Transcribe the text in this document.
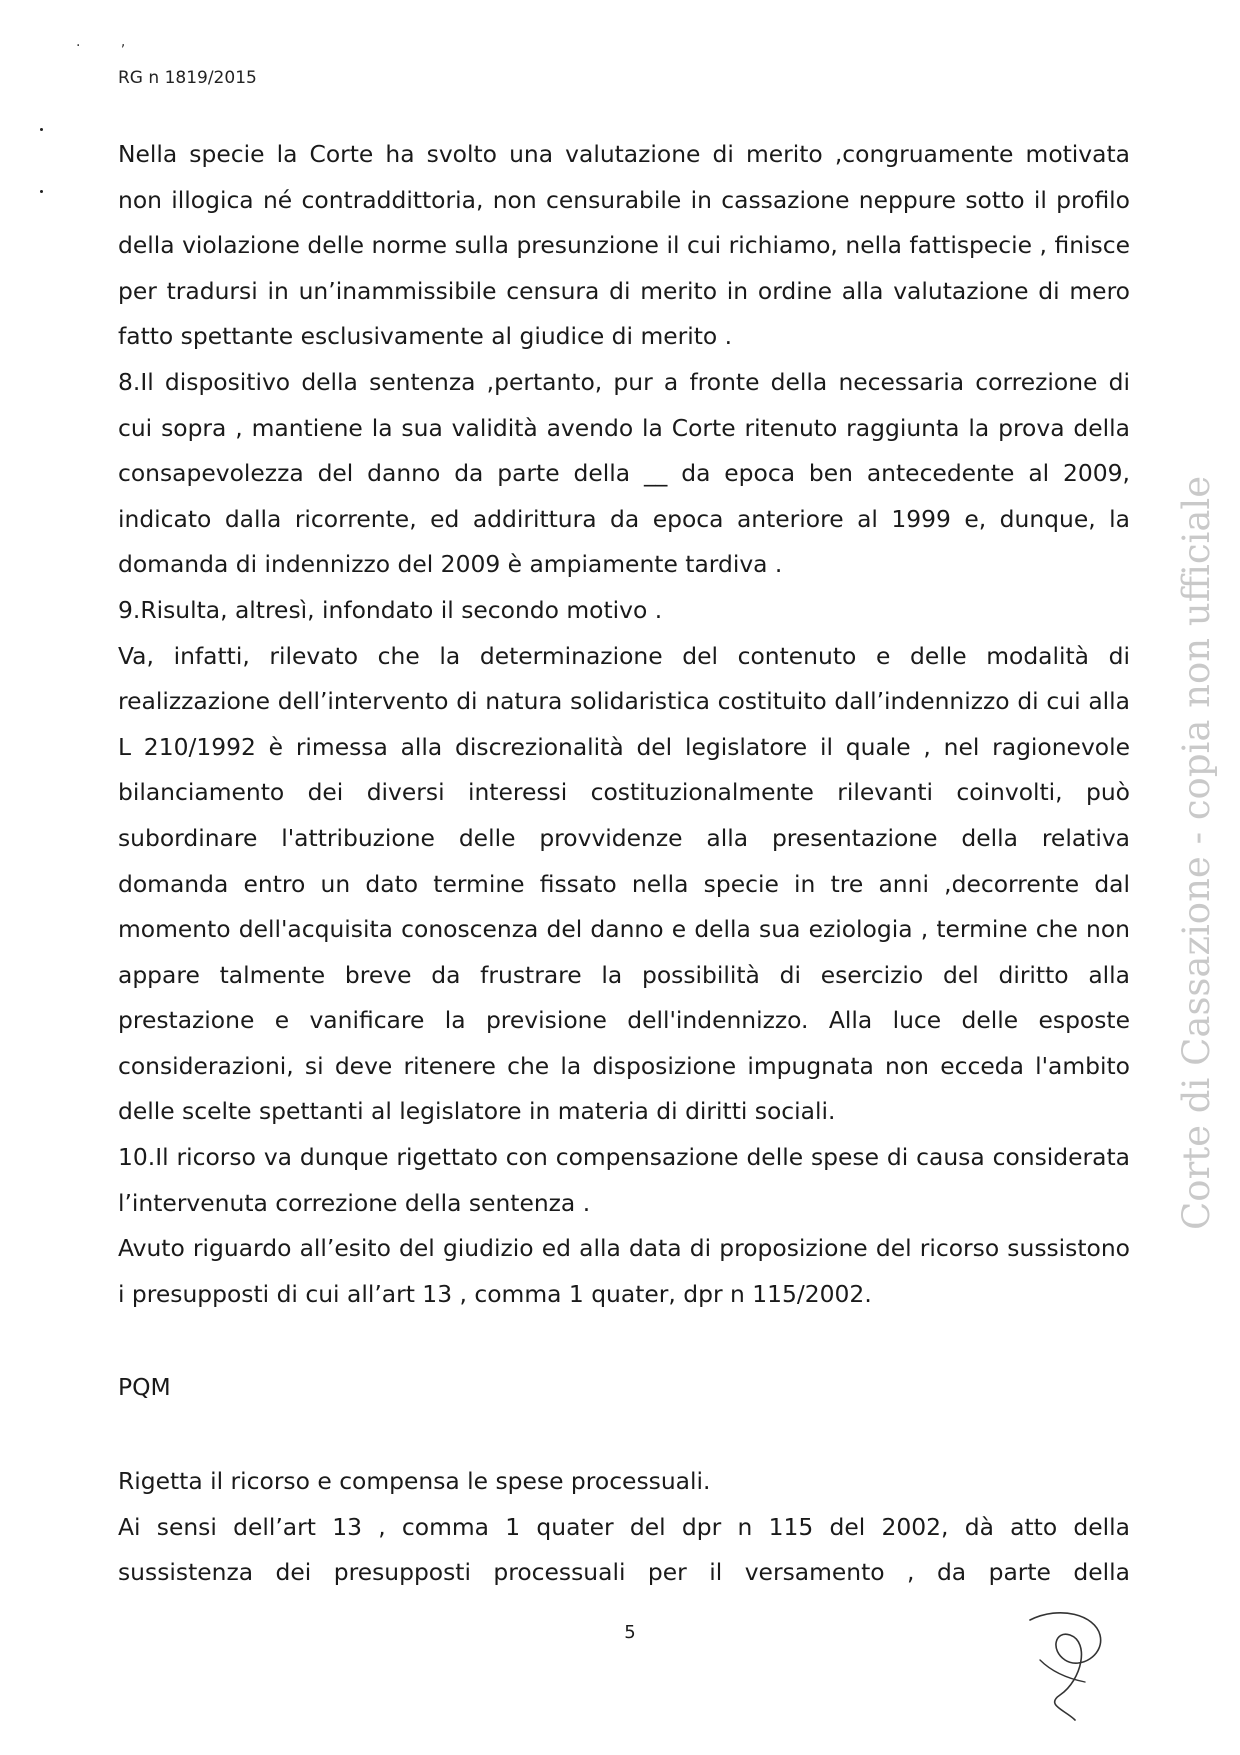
. ,
RG n 1819/2015

Nella specie la Corte ha svolto una valutazione di merito ,congruamente motivata non illogica né contraddittoria, non censurabile in cassazione neppure sotto il profilo della violazione delle norme sulla presunzione il cui richiamo, nella fattispecie , finisce per tradursi in un’inammissibile censura di merito in ordine alla valutazione di mero fatto spettante esclusivamente al giudice di merito .

8.Il dispositivo della sentenza ,pertanto, pur a fronte della necessaria correzione di cui sopra , mantiene la sua validità avendo la Corte ritenuto raggiunta la prova della consapevolezza del danno da parte della __ da epoca ben antecedente al 2009, indicato dalla ricorrente, ed addirittura da epoca anteriore al 1999 e, dunque, la domanda di indennizzo del 2009 è ampiamente tardiva .

9.Risulta, altresì, infondato il secondo motivo .

Va, infatti, rilevato che la determinazione del contenuto e delle modalità di realizzazione dell’intervento di natura solidaristica costituito dall’indennizzo di cui alla L 210/1992 è rimessa alla discrezionalità del legislatore il quale , nel ragionevole bilanciamento dei diversi interessi costituzionalmente rilevanti coinvolti, può subordinare l'attribuzione delle provvidenze alla presentazione della relativa domanda entro un dato termine fissato nella specie in tre anni ,decorrente dal momento dell'acquisita conoscenza del danno e della sua eziologia , termine che non appare talmente breve da frustrare la possibilità di esercizio del diritto alla prestazione e vanificare la previsione dell'indennizzo. Alla luce delle esposte considerazioni, si deve ritenere che la disposizione impugnata non ecceda l'ambito delle scelte spettanti al legislatore in materia di diritti sociali.

10.Il ricorso va dunque rigettato con compensazione delle spese di causa considerata l’intervenuta correzione della sentenza .

Avuto riguardo all’esito del giudizio ed alla data di proposizione del ricorso sussistono i presupposti di cui all’art 13 , comma 1 quater, dpr n 115/2002.

PQM

Rigetta il ricorso e compensa le spese processuali.

Ai sensi dell’art 13 , comma 1 quater del dpr n 115 del 2002, dà atto della sussistenza dei presupposti processuali per il versamento , da parte della

5
Corte di Cassazione - copia non ufficiale
